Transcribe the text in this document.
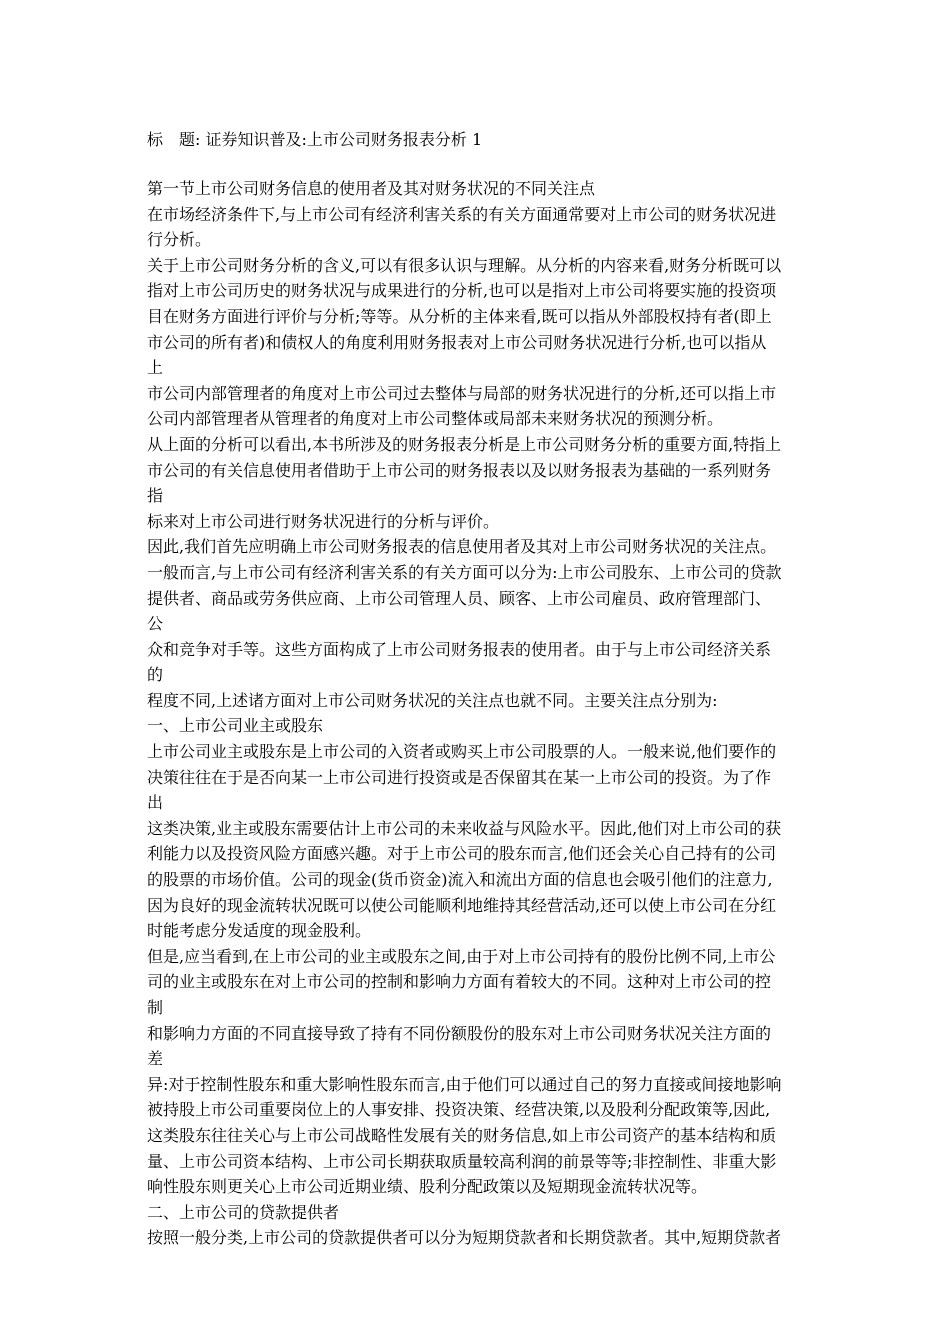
标　题: 证券知识普及:上市公司财务报表分析 1
第一节上市公司财务信息的使用者及其对财务状况的不同关注点
在市场经济条件下,与上市公司有经济利害关系的有关方面通常要对上市公司的财务状况进
行分析。
关于上市公司财务分析的含义,可以有很多认识与理解。从分析的内容来看,财务分析既可以
指对上市公司历史的财务状况与成果进行的分析,也可以是指对上市公司将要实施的投资项
目在财务方面进行评价与分析;等等。从分析的主体来看,既可以指从外部股权持有者(即上
市公司的所有者)和债权人的角度利用财务报表对上市公司财务状况进行分析,也可以指从
上
市公司内部管理者的角度对上市公司过去整体与局部的财务状况进行的分析,还可以指上市
公司内部管理者从管理者的角度对上市公司整体或局部未来财务状况的预测分析。
从上面的分析可以看出,本书所涉及的财务报表分析是上市公司财务分析的重要方面,特指上
市公司的有关信息使用者借助于上市公司的财务报表以及以财务报表为基础的一系列财务
指
标来对上市公司进行财务状况进行的分析与评价。
因此,我们首先应明确上市公司财务报表的信息使用者及其对上市公司财务状况的关注点。
一般而言,与上市公司有经济利害关系的有关方面可以分为:上市公司股东、上市公司的贷款
提供者、商品或劳务供应商、上市公司管理人员、顾客、上市公司雇员、政府管理部门、
公
众和竞争对手等。这些方面构成了上市公司财务报表的使用者。由于与上市公司经济关系
的
程度不同,上述诸方面对上市公司财务状况的关注点也就不同。主要关注点分别为:
一、上市公司业主或股东
上市公司业主或股东是上市公司的入资者或购买上市公司股票的人。一般来说,他们要作的
决策往往在于是否向某一上市公司进行投资或是否保留其在某一上市公司的投资。为了作
出
这类决策,业主或股东需要估计上市公司的未来收益与风险水平。因此,他们对上市公司的获
利能力以及投资风险方面感兴趣。对于上市公司的股东而言,他们还会关心自己持有的公司
的股票的市场价值。公司的现金(货币资金)流入和流出方面的信息也会吸引他们的注意力,
因为良好的现金流转状况既可以使公司能顺利地维持其经营活动,还可以使上市公司在分红
时能考虑分发适度的现金股利。
但是,应当看到,在上市公司的业主或股东之间,由于对上市公司持有的股份比例不同,上市公
司的业主或股东在对上市公司的控制和影响力方面有着较大的不同。这种对上市公司的控
制
和影响力方面的不同直接导致了持有不同份额股份的股东对上市公司财务状况关注方面的
差
异:对于控制性股东和重大影响性股东而言,由于他们可以通过自己的努力直接或间接地影响
被持股上市公司重要岗位上的人事安排、投资决策、经营决策,以及股利分配政策等,因此,
这类股东往往关心与上市公司战略性发展有关的财务信息,如上市公司资产的基本结构和质
量、上市公司资本结构、上市公司长期获取质量较高利润的前景等等;非控制性、非重大影
响性股东则更关心上市公司近期业绩、股利分配政策以及短期现金流转状况等。
二、上市公司的贷款提供者
按照一般分类,上市公司的贷款提供者可以分为短期贷款者和长期贷款者。其中,短期贷款者
